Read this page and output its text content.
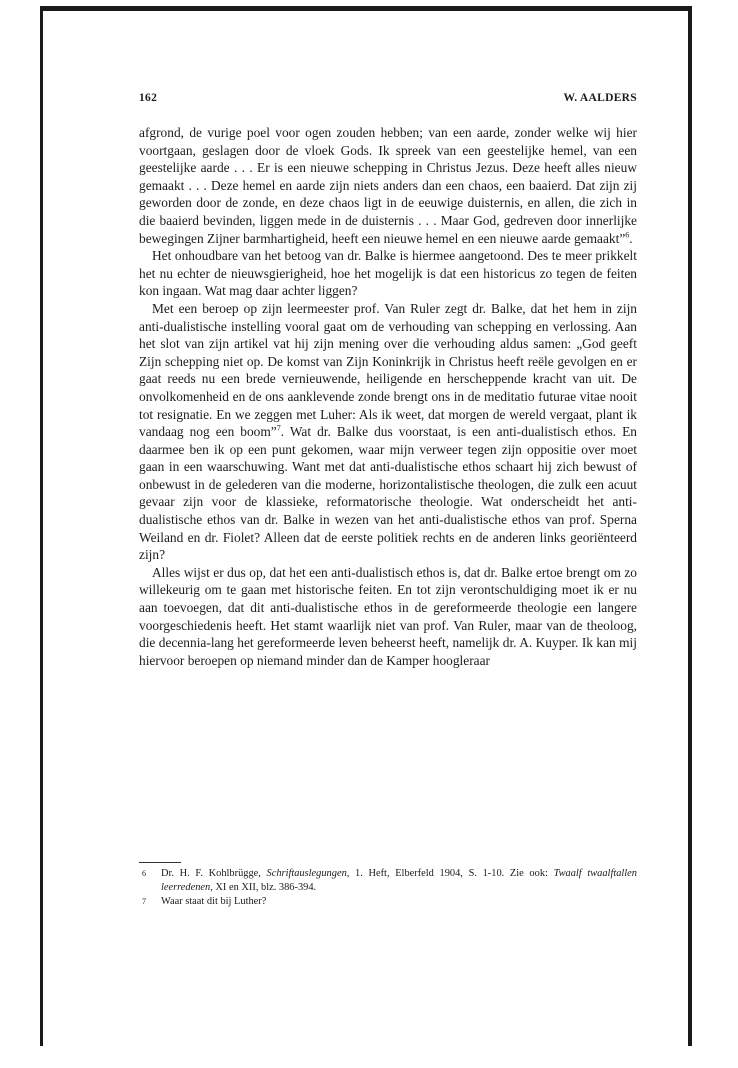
162	W. AALDERS

afgrond, de vurige poel voor ogen zouden hebben; van een aarde, zonder welke wij hier voortgaan, geslagen door de vloek Gods. Ik spreek van een geestelijke hemel, van een geestelijke aarde . . . Er is een nieuwe schepping in Christus Jezus. Deze heeft alles nieuw gemaakt . . . Deze hemel en aarde zijn niets anders dan een chaos, een baaierd. Dat zijn zij geworden door de zonde, en deze chaos ligt in de eeuwige duisternis, en allen, die zich in die baaierd bevinden, liggen mede in de duisternis . . . Maar God, gedreven door innerlijke bewegingen Zijner barmhartigheid, heeft een nieuwe hemel en een nieuwe aarde gemaakt”$^6$.

Het onhoudbare van het betoog van dr. Balke is hiermee aangetoond. Des te meer prikkelt het nu echter de nieuwsgierigheid, hoe het mogelijk is dat een historicus zo tegen de feiten kon ingaan. Wat mag daar achter liggen?

Met een beroep op zijn leermeester prof. Van Ruler zegt dr. Balke, dat het hem in zijn anti-dualistische instelling vooral gaat om de verhouding van schepping en verlossing. Aan het slot van zijn artikel vat hij zijn mening over die verhouding aldus samen: „God geeft Zijn schepping niet op. De komst van Zijn Koninkrijk in Christus heeft reële gevolgen en er gaat reeds nu een brede vernieuwende, heiligende en herscheppende kracht van uit. De onvolkomenheid en de ons aanklevende zonde brengt ons in de meditatio futurae vitae nooit tot resignatie. En we zeggen met Luher: Als ik weet, dat morgen de wereld vergaat, plant ik vandaag nog een boom”$^7$. Wat dr. Balke dus voorstaat, is een anti-dualistisch ethos. En daarmee ben ik op een punt gekomen, waar mijn verweer tegen zijn oppositie over moet gaan in een waarschuwing. Want met dat anti-dualistische ethos schaart hij zich bewust of onbewust in de gelederen van die moderne, horizontalistische theologen, die zulk een acuut gevaar zijn voor de klassieke, reformatorische theologie. Wat onderscheidt het anti-dualistische ethos van dr. Balke in wezen van het anti-dualistische ethos van prof. Sperna Weiland en dr. Fiolet? Alleen dat de eerste politiek rechts en de anderen links georiënteerd zijn?

Alles wijst er dus op, dat het een anti-dualistisch ethos is, dat dr. Balke ertoe brengt om zo willekeurig om te gaan met historische feiten. En tot zijn verontschuldiging moet ik er nu aan toevoegen, dat dit anti-dualistische ethos in de gereformeerde theologie een langere voorgeschiedenis heeft. Het stamt waarlijk niet van prof. Van Ruler, maar van de theoloog, die decennia-lang het gereformeerde leven beheerst heeft, namelijk dr. A. Kuyper. Ik kan mij hiervoor beroepen op niemand minder dan de Kamper hoogleraar

6 Dr. H. F. Kohlbrügge, Schriftauslegungen, 1. Heft, Elberfeld 1904, S. 1-10. Zie ook: Twaalf twaalftallen leerredenen, XI en XII, blz. 386-394.
7 Waar staat dit bij Luther?
